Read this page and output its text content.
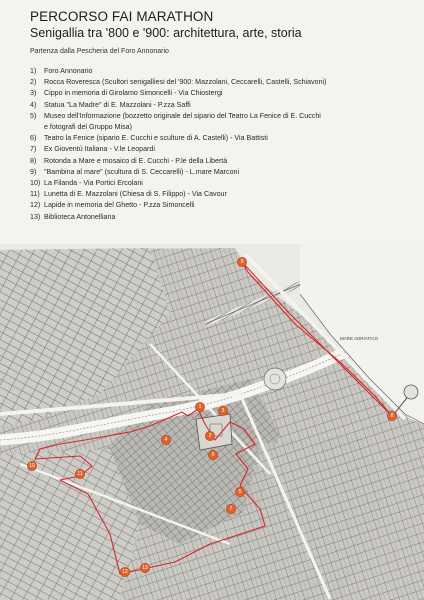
PERCORSO FAI MARATHON
Senigallia tra '800 e '900: architettura, arte, storia
Partenza dalla Pescheria del Foro Annonario
1) Foro Annonario
2) Rocca Roveresca (Scultori senigalliesi del '900: Mazzolani, Ceccarelli, Castelli, Schiavoni)
3) Cippo in memoria di Girolamo Simoncelli - Via Chiostergi
4) Statua "La Madre" di E. Mazzolani - P.zza Saffi
5) Museo dell'Informazione (bozzetto originale del sipario del Teatro La Fenice di E. Cucchi
e fotografi del Gruppo Misa)
6) Teatro la Fenice (sipario E. Cucchi e sculture di A. Castelli) - Via Battisti
7) Ex Gioventù Italiana - V.le Leopardi
8) Rotonda a Mare e mosaico di E. Cucchi - P.le della Libertà
9) "Bambina al mare" (scultura di S. Ceccarelli) - L.mare Marconi
10) La Filanda - Via Portici Ercolani
11) Lunetta di E. Mazzolani (Chiesa di S. Filippo) - Via Cavour
12) Lapide in memoria del Ghetto - P.zza Simoncelli
13) Biblioteca Antonelliana
MARE ADRIATICO
1
2
3
4
5
6
7
8
9
10
11
12
13
